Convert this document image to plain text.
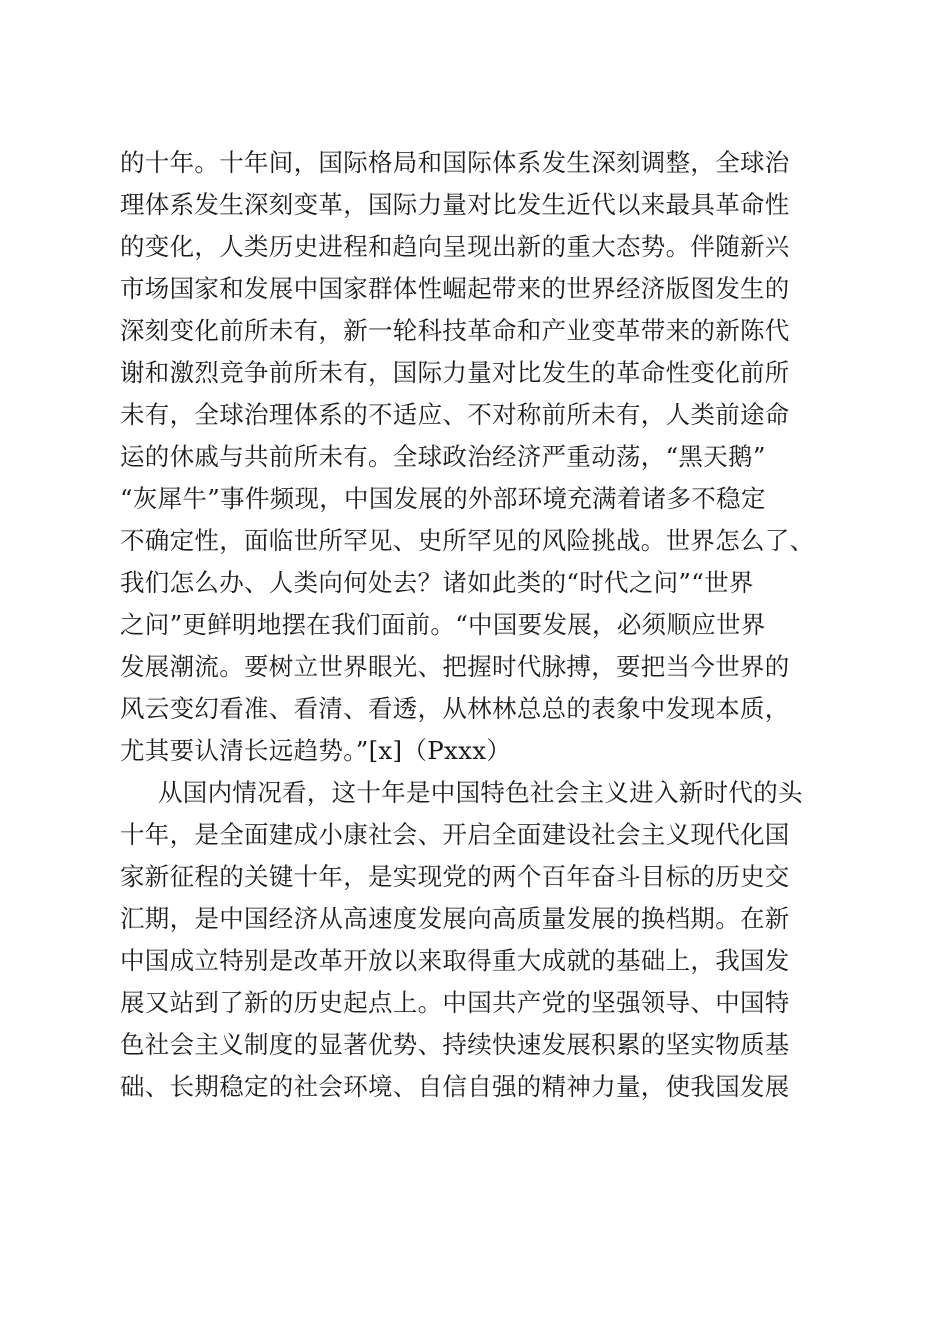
的十年。十年间，国际格局和国际体系发生深刻调整，全球治
理体系发生深刻变革，国际力量对比发生近代以来最具革命性
的变化，人类历史进程和趋向呈现出新的重大态势。伴随新兴
市场国家和发展中国家群体性崛起带来的世界经济版图发生的
深刻变化前所未有，新一轮科技革命和产业变革带来的新陈代
谢和激烈竞争前所未有，国际力量对比发生的革命性变化前所
未有，全球治理体系的不适应、不对称前所未有，人类前途命
运的休戚与共前所未有。全球政治经济严重动荡，“黑天鹅”
“灰犀牛”事件频现，中国发展的外部环境充满着诸多不稳定
不确定性，面临世所罕见、史所罕见的风险挑战。世界怎么了、
我们怎么办、人类向何处去？诸如此类的“时代之问”“世界
之问”更鲜明地摆在我们面前。“中国要发展，必须顺应世界
发展潮流。要树立世界眼光、把握时代脉搏，要把当今世界的
风云变幻看准、看清、看透，从林林总总的表象中发现本质，
尤其要认清长远趋势。”[x]（Pxxx）
从国内情况看，这十年是中国特色社会主义进入新时代的头
十年，是全面建成小康社会、开启全面建设社会主义现代化国
家新征程的关键十年，是实现党的两个百年奋斗目标的历史交
汇期，是中国经济从高速度发展向高质量发展的换档期。在新
中国成立特别是改革开放以来取得重大成就的基础上，我国发
展又站到了新的历史起点上。中国共产党的坚强领导、中国特
色社会主义制度的显著优势、持续快速发展积累的坚实物质基
础、长期稳定的社会环境、自信自强的精神力量，使我国发展
